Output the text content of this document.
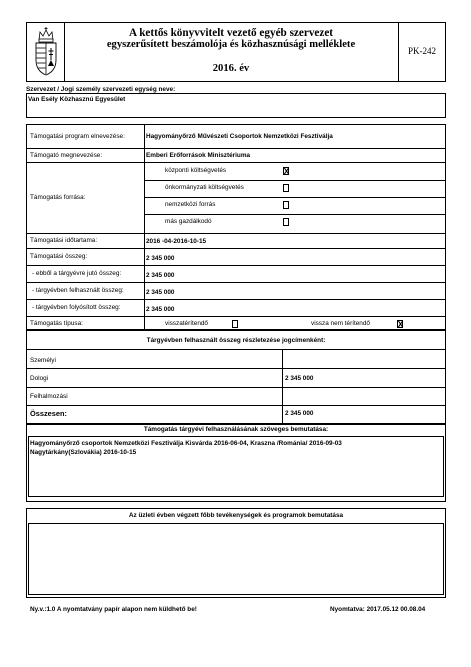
A kettős könyvvitelt vezető egyéb szervezet
egyszerűsített beszámolója és közhasznúsági melléklete
2016. év
PK-242
Szervezet / Jogi személy szervezeti egység neve:
Van Esély Közhasznú Egyesület
Támogatási program elnevezése:	Hagyományőrző Művészeti Csoportok Nemzetközi Fesztiválja
Támogató megnevezése:	Emberi Erőforrások Minisztériuma
Támogatás forrása:
központi költségvetés
önkormányzati költségvetés
nemzetközi forrás
más gazdálkodó
Támogatási időtartama:	2016 -04-2016-10-15
Támogatási összeg:	2 345 000
- ebből a tárgyévre jutó összeg:	2 345 000
- tárgyévben felhasznált összeg:	2 345 000
- tárgyévben folyósított összeg:	2 345 000
Támogatás típusa:	visszatérítendő	vissza nem térítendő
Tárgyévben felhasznált összeg részletezése jogcímenként:
Személyi
Dologi	2 345 000
Felhalmozási
Összesen:	2 345 000
Támogatás tárgyévi felhasználásának szöveges bemutatása:
Hagyományőrző csoportok Nemzetközi Fesztiválja Kisvárda 2016-06-04, Kraszna /Románia/ 2016-09-03
Nagytárkány(Szlovákia) 2016-10-15
Az üzleti évben végzett főbb tevékenységek és programok bemutatása
Ny.v.:1.0 A nyomtatvány papír alapon nem küldhető be!	Nyomtatva: 2017.05.12 00.08.04
